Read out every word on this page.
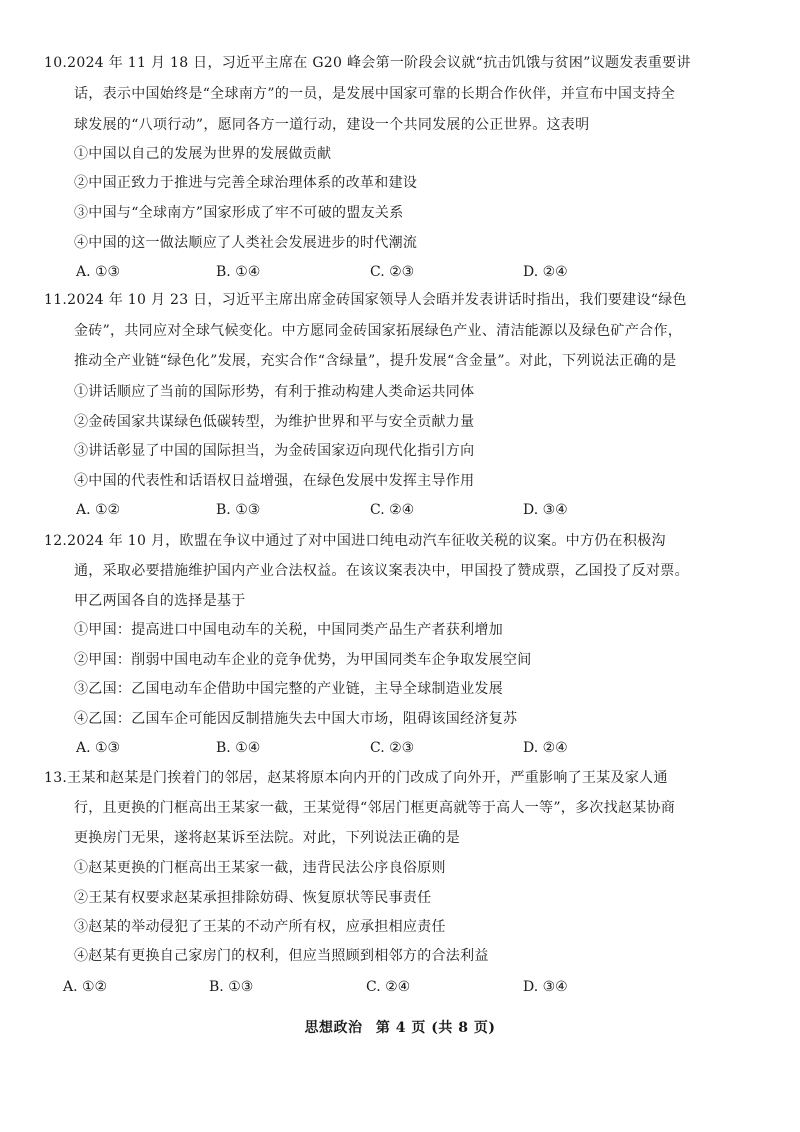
10.2024 年 11 月 18 日，习近平主席在 G20 峰会第一阶段会议就“抗击饥饿与贫困”议题发表重要讲
话，表示中国始终是“全球南方”的一员，是发展中国家可靠的长期合作伙伴，并宣布中国支持全
球发展的“八项行动”，愿同各方一道行动，建设一个共同发展的公正世界。这表明
①中国以自己的发展为世界的发展做贡献
②中国正致力于推进与完善全球治理体系的改革和建设
③中国与“全球南方”国家形成了牢不可破的盟友关系
④中国的这一做法顺应了人类社会发展进步的时代潮流
A. ①③	B. ①④	C. ②③	D. ②④
11.2024 年 10 月 23 日，习近平主席出席金砖国家领导人会晤并发表讲话时指出，我们要建设“绿色
金砖”，共同应对全球气候变化。中方愿同金砖国家拓展绿色产业、清洁能源以及绿色矿产合作，
推动全产业链“绿色化”发展，充实合作“含绿量”，提升发展“含金量”。对此，下列说法正确的是
①讲话顺应了当前的国际形势，有利于推动构建人类命运共同体
②金砖国家共谋绿色低碳转型，为维护世界和平与安全贡献力量
③讲话彰显了中国的国际担当，为金砖国家迈向现代化指引方向
④中国的代表性和话语权日益增强，在绿色发展中发挥主导作用
A. ①②	B. ①③	C. ②④	D. ③④
12.2024 年 10 月，欧盟在争议中通过了对中国进口纯电动汽车征收关税的议案。中方仍在积极沟
通，采取必要措施维护国内产业合法权益。在该议案表决中，甲国投了赞成票，乙国投了反对票。
甲乙两国各自的选择是基于
①甲国：提高进口中国电动车的关税，中国同类产品生产者获利增加
②甲国：削弱中国电动车企业的竞争优势，为甲国同类车企争取发展空间
③乙国：乙国电动车企借助中国完整的产业链，主导全球制造业发展
④乙国：乙国车企可能因反制措施失去中国大市场，阻碍该国经济复苏
A. ①③	B. ①④	C. ②③	D. ②④
13.王某和赵某是门挨着门的邻居，赵某将原本向内开的门改成了向外开，严重影响了王某及家人通
行，且更换的门框高出王某家一截，王某觉得“邻居门框更高就等于高人一等”，多次找赵某协商
更换房门无果，遂将赵某诉至法院。对此，下列说法正确的是
①赵某更换的门框高出王某家一截，违背民法公序良俗原则
②王某有权要求赵某承担排除妨碍、恢复原状等民事责任
③赵某的举动侵犯了王某的不动产所有权，应承担相应责任
④赵某有更换自己家房门的权利，但应当照顾到相邻方的合法利益
A. ①②	B. ①③	C. ②④	D. ③④
思想政治 第 4 页 (共 8 页)
